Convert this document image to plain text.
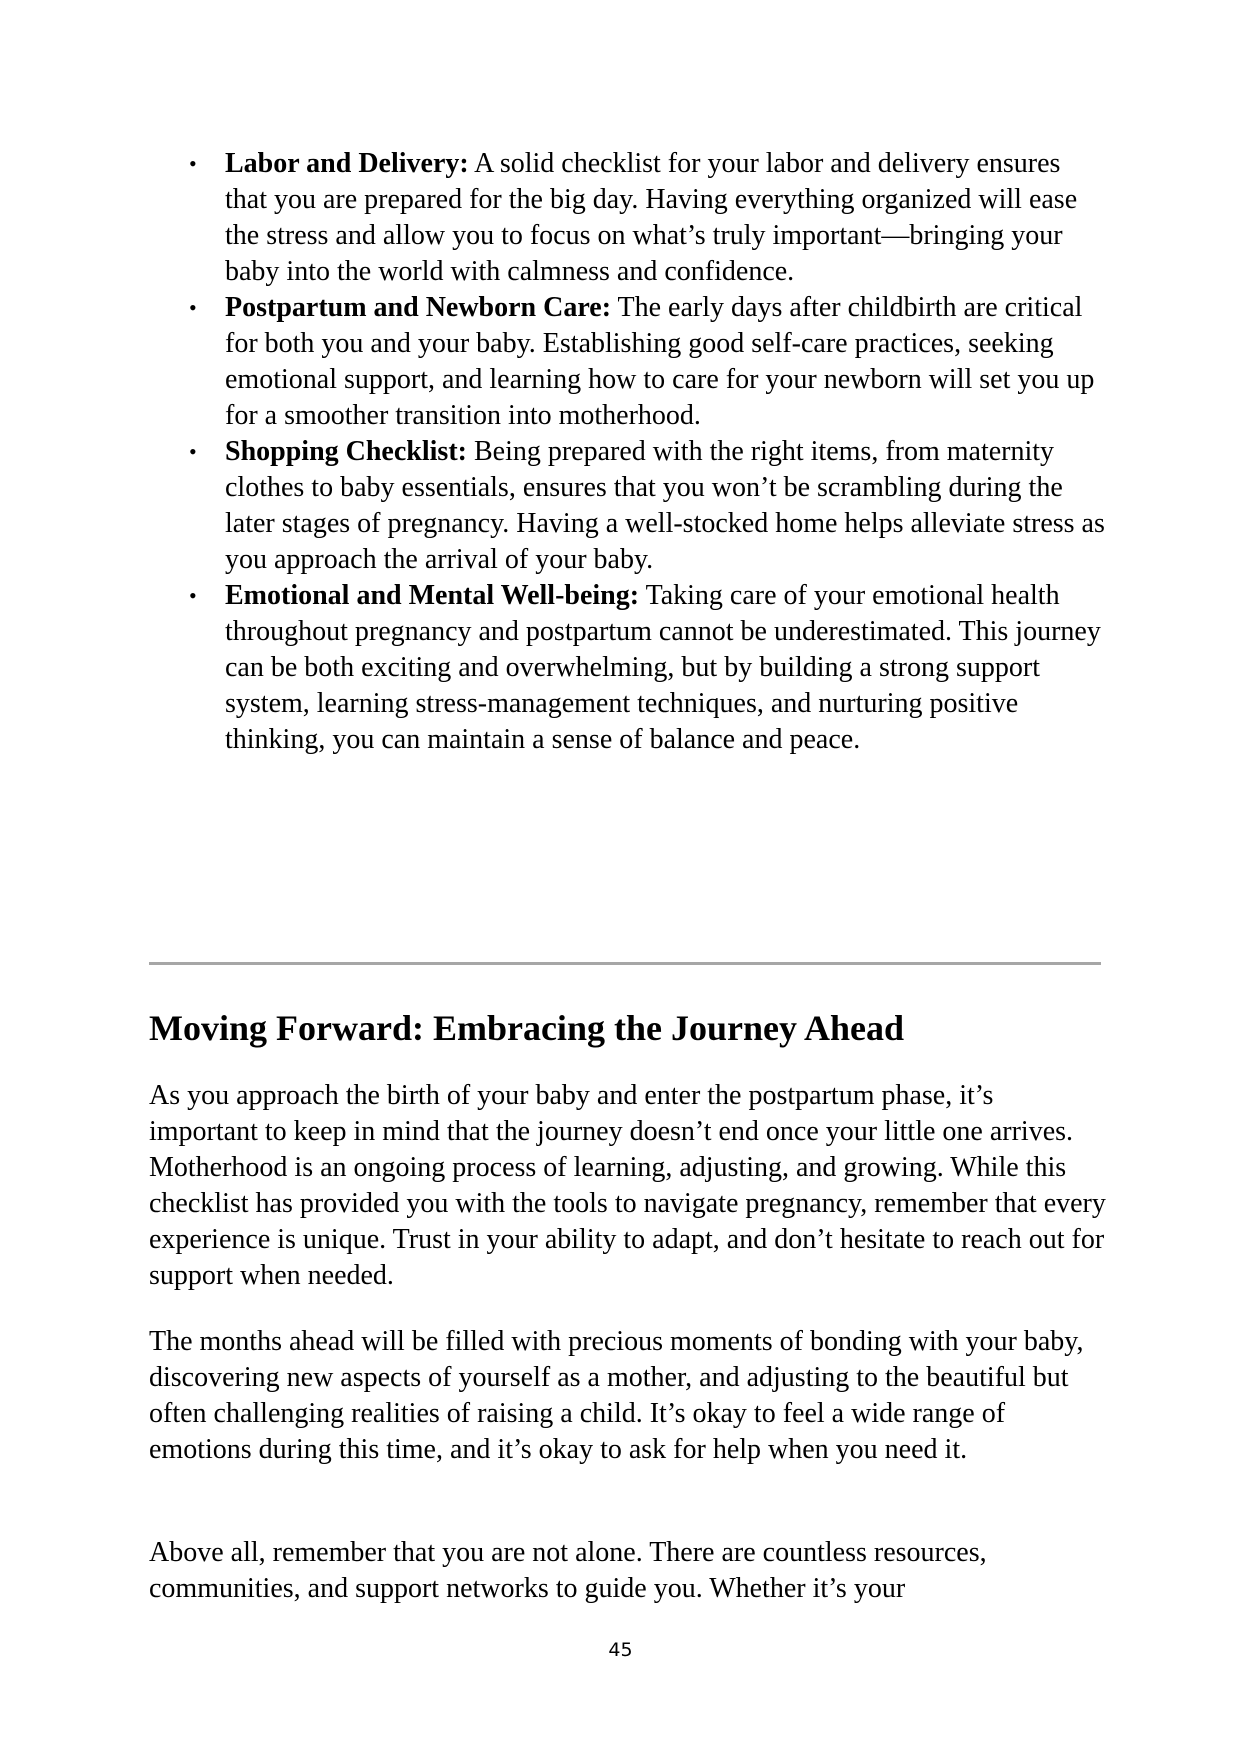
• Labor and Delivery: A solid checklist for your labor and delivery ensures that you are prepared for the big day. Having everything organized will ease the stress and allow you to focus on what’s truly important—bringing your baby into the world with calmness and confidence.
• Postpartum and Newborn Care: The early days after childbirth are critical for both you and your baby. Establishing good self-care practices, seeking emotional support, and learning how to care for your newborn will set you up for a smoother transition into motherhood.
• Shopping Checklist: Being prepared with the right items, from maternity clothes to baby essentials, ensures that you won’t be scrambling during the later stages of pregnancy. Having a well-stocked home helps alleviate stress as you approach the arrival of your baby.
• Emotional and Mental Well-being: Taking care of your emotional health throughout pregnancy and postpartum cannot be underestimated. This journey can be both exciting and overwhelming, but by building a strong support system, learning stress-management techniques, and nurturing positive thinking, you can maintain a sense of balance and peace.
Moving Forward: Embracing the Journey Ahead

As you approach the birth of your baby and enter the postpartum phase, it’s important to keep in mind that the journey doesn’t end once your little one arrives. Motherhood is an ongoing process of learning, adjusting, and growing. While this checklist has provided you with the tools to navigate pregnancy, remember that every experience is unique. Trust in your ability to adapt, and don’t hesitate to reach out for support when needed.

The months ahead will be filled with precious moments of bonding with your baby, discovering new aspects of yourself as a mother, and adjusting to the beautiful but often challenging realities of raising a child. It’s okay to feel a wide range of emotions during this time, and it’s okay to ask for help when you need it.

Above all, remember that you are not alone. There are countless resources, communities, and support networks to guide you. Whether it’s your

45
